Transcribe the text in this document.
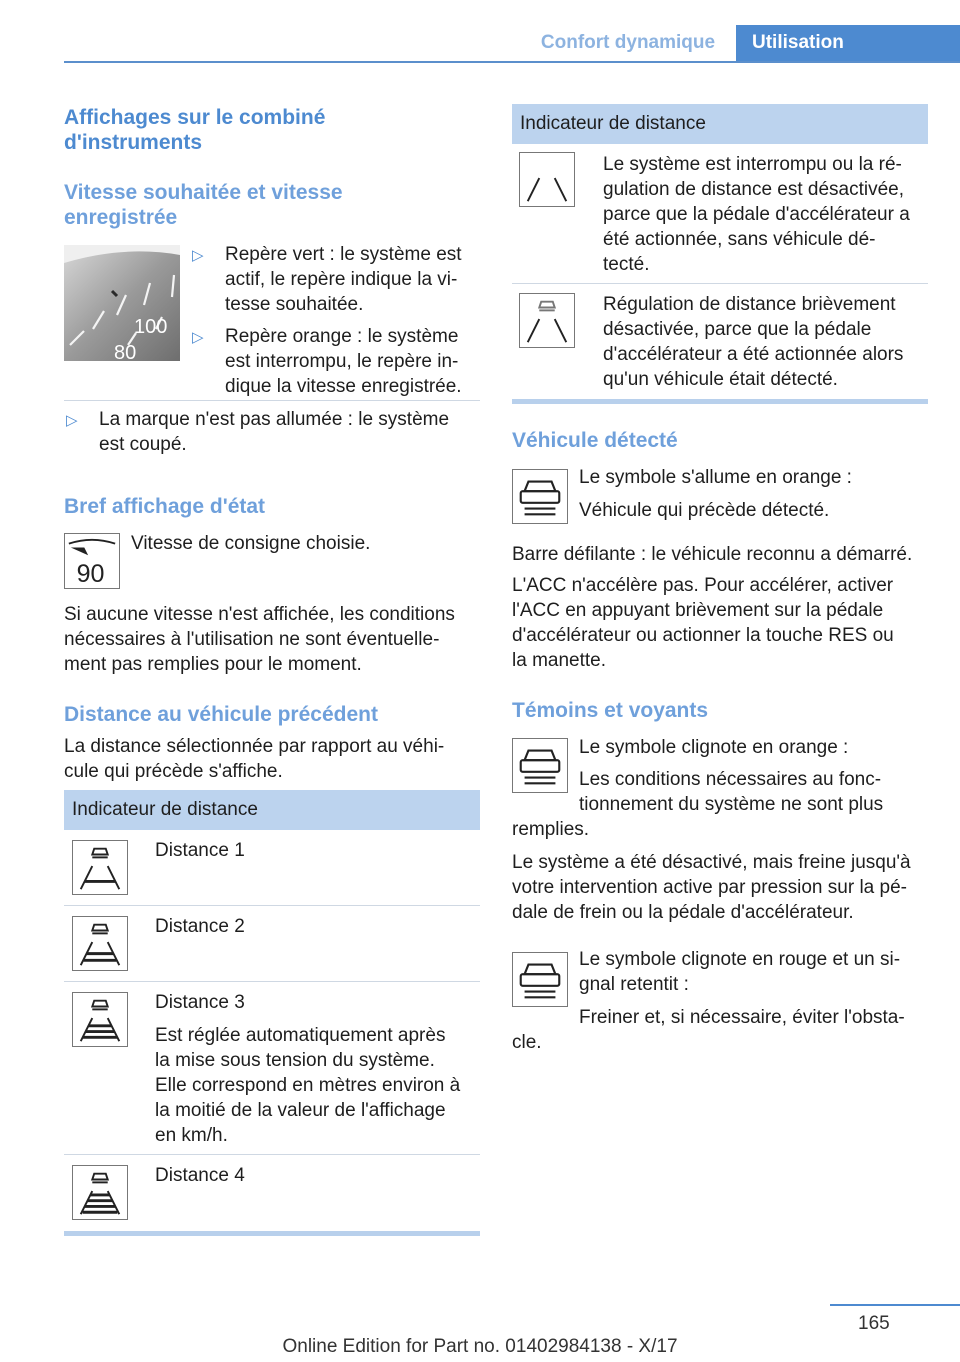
Confort dynamique	Utilisation
Affichages sur le combiné
d'instruments
Vitesse souhaitée et vitesse
enregistrée
100
80
▷ Repère vert : le système est
actif, le repère indique la vi-
tesse souhaitée.
▷ Repère orange : le système
est interrompu, le repère in-
dique la vitesse enregistrée.
▷ La marque n'est pas allumée : le système
est coupé.
Bref affichage d'état
90
Vitesse de consigne choisie.
Si aucune vitesse n'est affichée, les conditions
nécessaires à l'utilisation ne sont éventuelle-
ment pas remplies pour le moment.
Distance au véhicule précédent
La distance sélectionnée par rapport au véhi-
cule qui précède s'affiche.
Indicateur de distance
Distance 1
Distance 2
Distance 3
Est réglée automatiquement après
la mise sous tension du système.
Elle correspond en mètres environ à
la moitié de la valeur de l'affichage
en km/h.
Distance 4
Indicateur de distance
Le système est interrompu ou la ré-
gulation de distance est désactivée,
parce que la pédale d'accélérateur a
été actionnée, sans véhicule dé-
tecté.
Régulation de distance brièvement
désactivée, parce que la pédale
d'accélérateur a été actionnée alors
qu'un véhicule était détecté.
Véhicule détecté
Le symbole s'allume en orange :
Véhicule qui précède détecté.
Barre défilante : le véhicule reconnu a démarré.
L'ACC n'accélère pas. Pour accélérer, activer
l'ACC en appuyant brièvement sur la pédale
d'accélérateur ou actionner la touche RES ou
la manette.
Témoins et voyants
Le symbole clignote en orange :
Les conditions nécessaires au fonc-
tionnement du système ne sont plus
remplies.
Le système a été désactivé, mais freine jusqu'à
votre intervention active par pression sur la pé-
dale de frein ou la pédale d'accélérateur.
Le symbole clignote en rouge et un si-
gnal retentit :
Freiner et, si nécessaire, éviter l'obsta-
cle.
165
Online Edition for Part no. 01402984138 - X/17
